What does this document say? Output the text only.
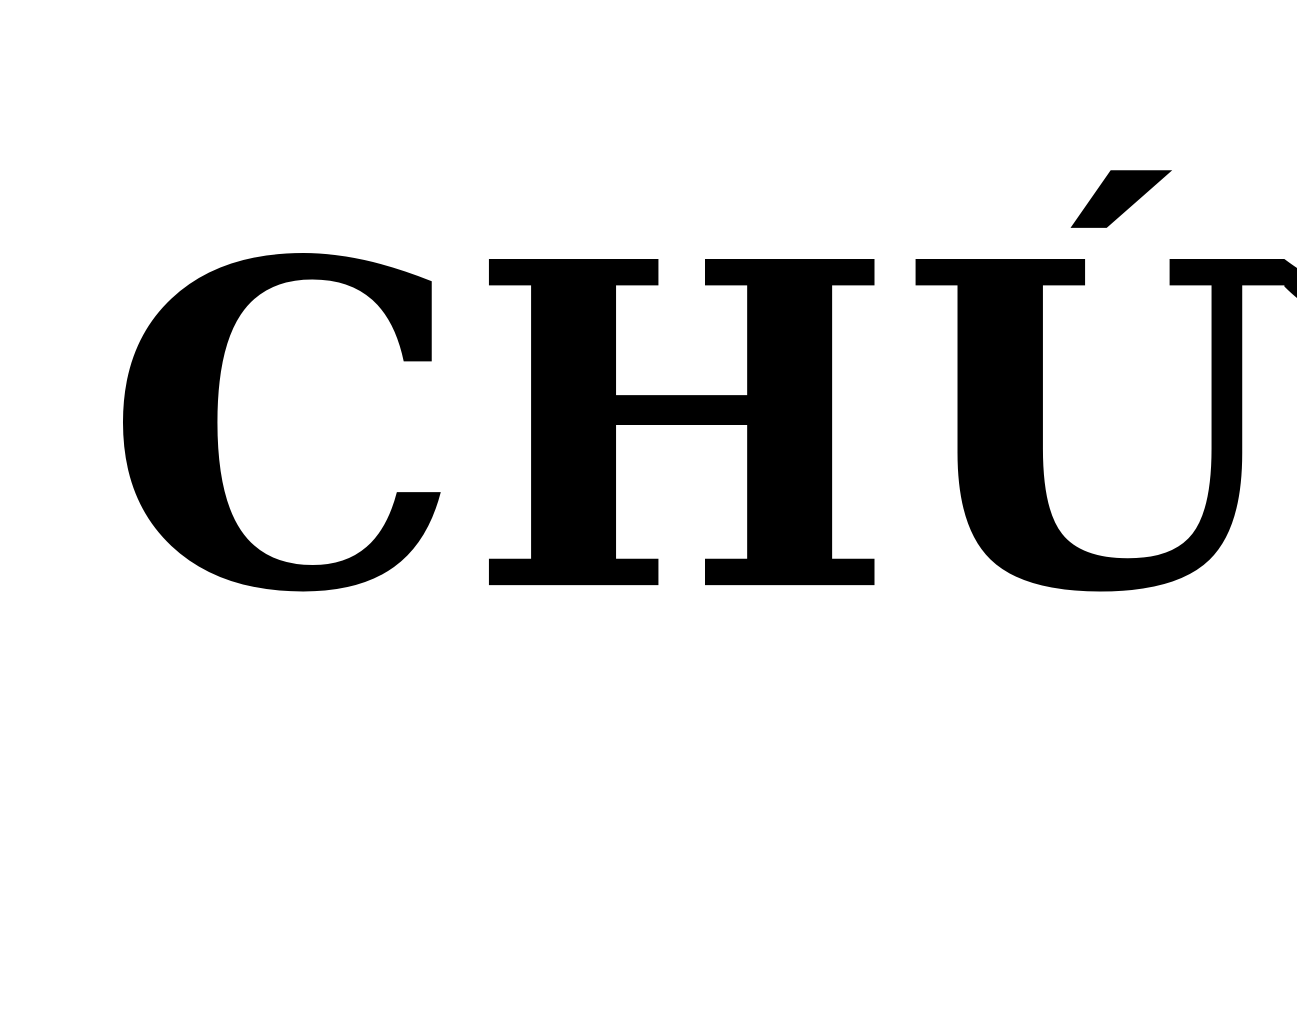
CHỨ
